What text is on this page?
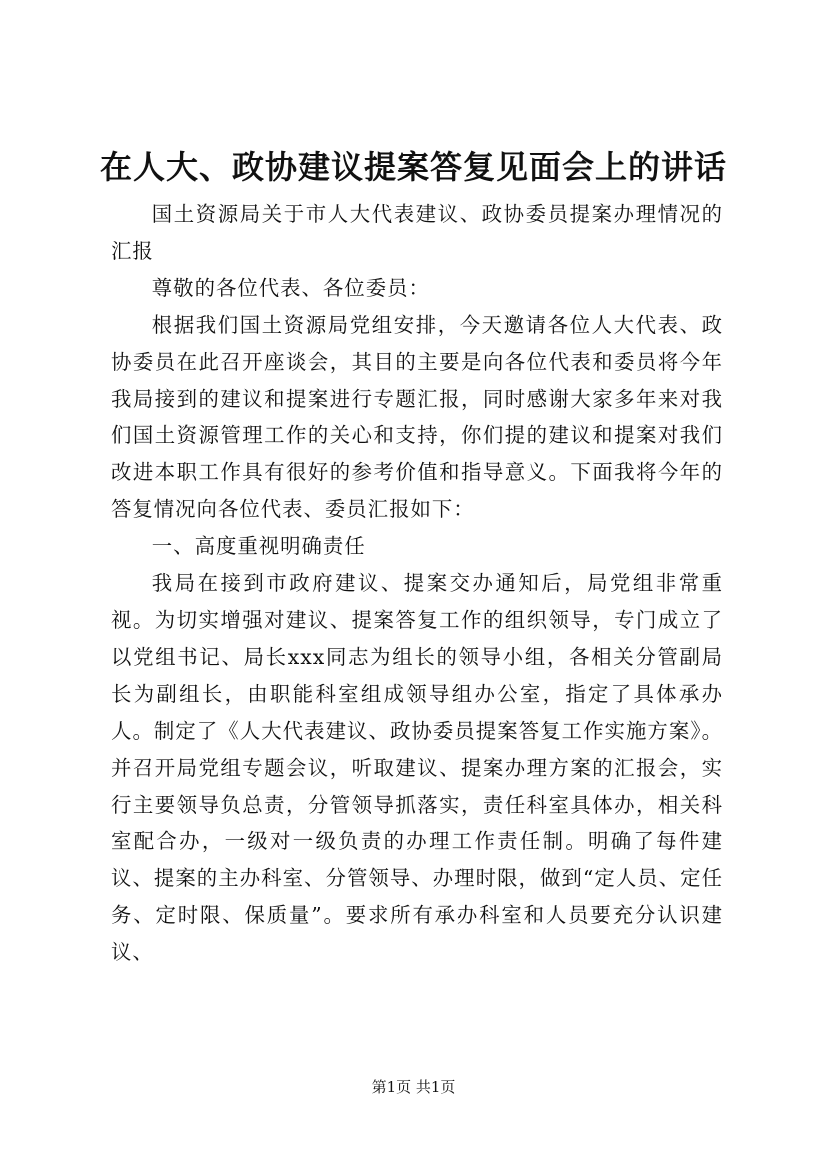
在人大、政协建议提案答复见面会上的讲话

国土资源局关于市人大代表建议、政协委员提案办理情况的汇报

尊敬的各位代表、各位委员：

根据我们国土资源局党组安排，今天邀请各位人大代表、政协委员在此召开座谈会，其目的主要是向各位代表和委员将今年我局接到的建议和提案进行专题汇报，同时感谢大家多年来对我们国土资源管理工作的关心和支持，你们提的建议和提案对我们改进本职工作具有很好的参考价值和指导意义。下面我将今年的答复情况向各位代表、委员汇报如下：

一、高度重视明确责任

我局在接到市政府建议、提案交办通知后，局党组非常重视。为切实增强对建议、提案答复工作的组织领导，专门成立了以党组书记、局长xxx同志为组长的领导小组，各相关分管副局长为副组长，由职能科室组成领导组办公室，指定了具体承办人。制定了《人大代表建议、政协委员提案答复工作实施方案》。并召开局党组专题会议，听取建议、提案办理方案的汇报会，实行主要领导负总责，分管领导抓落实，责任科室具体办，相关科室配合办，一级对一级负责的办理工作责任制。明确了每件建议、提案的主办科室、分管领导、办理时限，做到“定人员、定任务、定时限、保质量”。要求所有承办科室和人员要充分认识建议、

第1页 共1页
